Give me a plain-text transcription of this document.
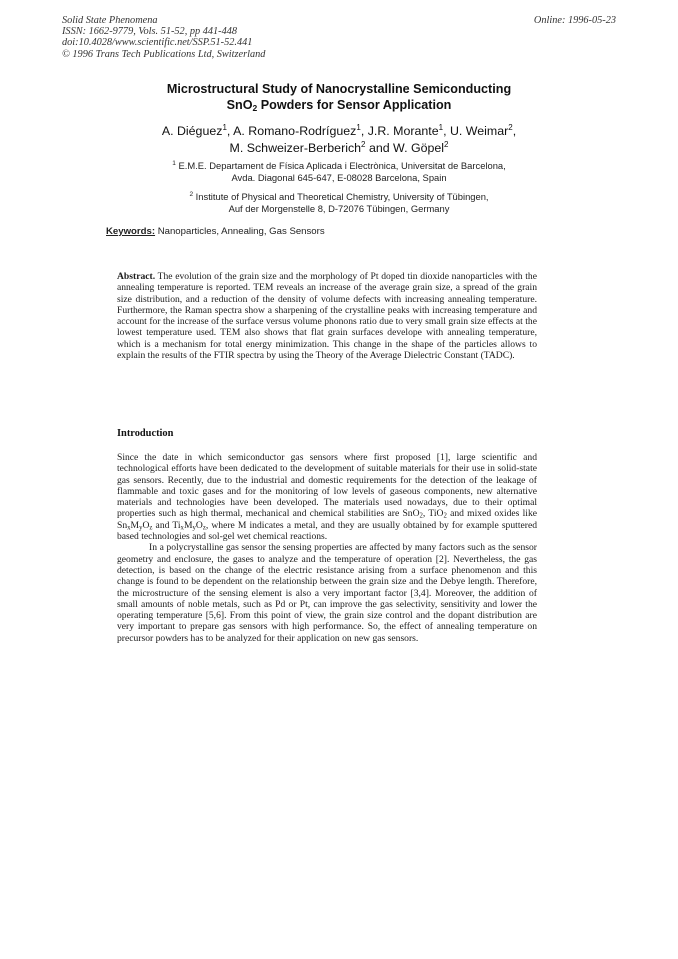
Solid State Phenomena
ISSN: 1662-9779, Vols. 51-52, pp 441-448
doi:10.4028/www.scientific.net/SSP.51-52.441
© 1996 Trans Tech Publications Ltd, Switzerland
Online: 1996-05-23
Microstructural Study of Nanocrystalline Semiconducting
SnO$_2$ Powders for Sensor Application
A. Diéguez$^1$, A. Romano-Rodríguez$^1$, J.R. Morante$^1$, U. Weimar$^2$,
M. Schweizer-Berberich$^2$ and W. Göpel$^2$
$^1$ E.M.E. Departament de Física Aplicada i Electrònica, Universitat de Barcelona,
Avda. Diagonal 645-647, E-08028 Barcelona, Spain
$^2$ Institute of Physical and Theoretical Chemistry, University of Tübingen,
Auf der Morgenstelle 8, D-72076 Tübingen, Germany
Keywords: Nanoparticles, Annealing, Gas Sensors
Abstract. The evolution of the grain size and the morphology of Pt doped tin dioxide nanoparticles with the annealing temperature is reported. TEM reveals an increase of the average grain size, a spread of the grain size distribution, and a reduction of the density of volume defects with increasing annealing temperature. Furthermore, the Raman spectra show a sharpening of the crystalline peaks with increasing temperature and account for the increase of the surface versus volume phonons ratio due to very small grain size effects at the lowest temperature used. TEM also shows that flat grain surfaces develope with annealing temperature, which is a mechanism for total energy minimization. This change in the shape of the particles allows to explain the results of the FTIR spectra by using the Theory of the Average Dielectric Constant (TADC).
Introduction

Since the date in which semiconductor gas sensors where first proposed [1], large scientific and technological efforts have been dedicated to the development of suitable materials for their use in solid-state gas sensors. Recently, due to the industrial and domestic requirements for the detection of the leakage of flammable and toxic gases and for the monitoring of low levels of gaseous components, new alternative materials and technologies have been developed. The materials used nowadays, due to their optimal properties such as high thermal, mechanical and chemical stabilities are SnO$_2$, TiO$_2$ and mixed oxides like $Sn_xM_yO_z$ and $Ti_xM_yO_z$, where M indicates a metal, and they are usually obtained by for example sputtered based technologies and sol-gel wet chemical reactions.

In a polycrystalline gas sensor the sensing properties are affected by many factors such as the sensor geometry and enclosure, the gases to analyze and the temperature of operation [2]. Nevertheless, the gas detection, is based on the change of the electric resistance arising from a surface phenomenon and this change is found to be dependent on the relationship between the grain size and the Debye length. Therefore, the microstructure of the sensing element is also a very important factor [3,4]. Moreover, the addition of small amounts of noble metals, such as Pd or Pt, can improve the gas selectivity, sensitivity and lower the operating temperature [5,6]. From this point of view, the grain size control and the dopant distribution are very important to prepare gas sensors with high performance. So, the effect of annealing temperature on precursor powders has to be analyzed for their application on new gas sensors.
